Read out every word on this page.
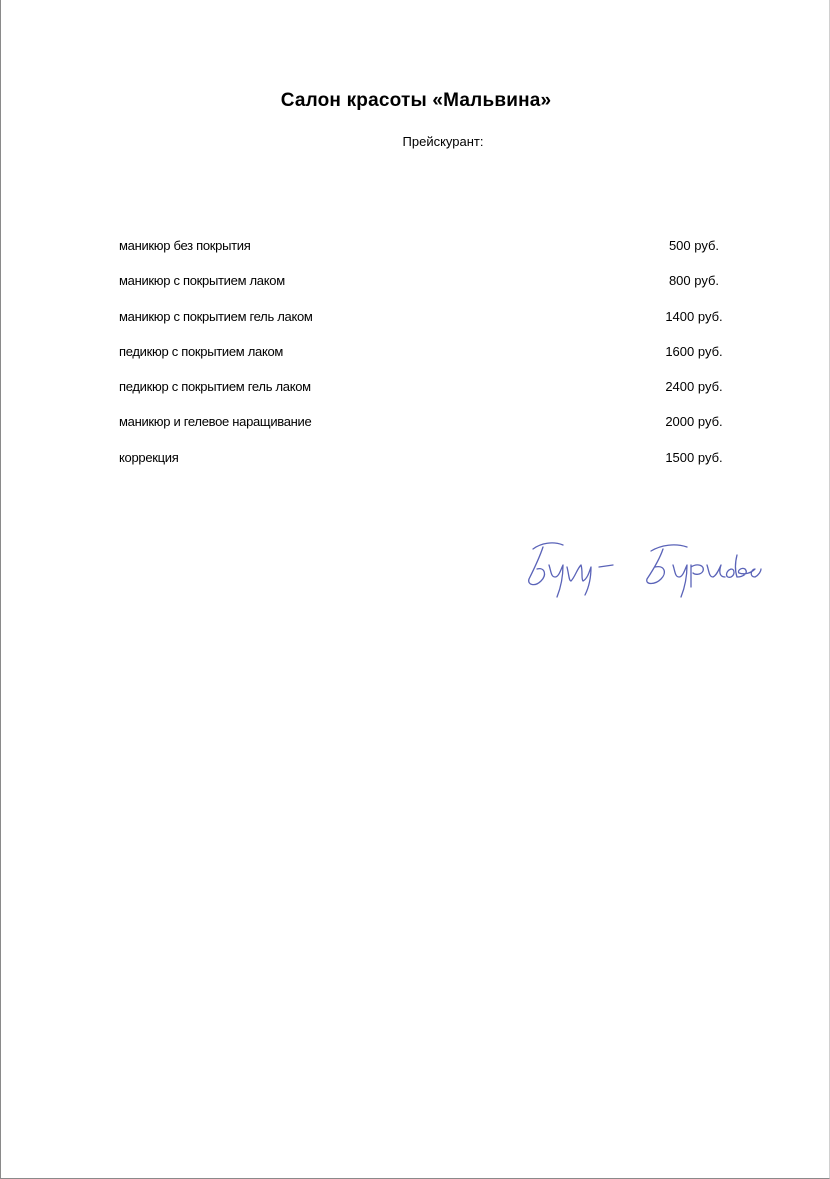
Салон красоты «Мальвина»
Прейскурант:
маникюр без покрытия	500 руб.
маникюр с покрытием лаком	800 руб.
маникюр с покрытием гель лаком	1400 руб.
педикюр с покрытием лаком	1600 руб.
педикюр с покрытием гель лаком	2400 руб.
маникюр и гелевое наращивание	2000 руб.
коррекция	1500 руб.
